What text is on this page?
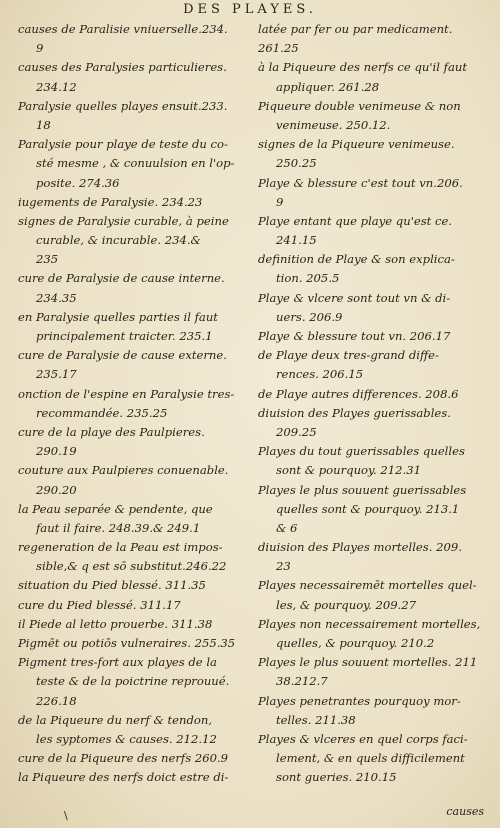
DES PLAYES.
causes de Paralisie vniuerselle.234.
9
causes des Paralysies particulieres.
234.12
Paralysie quelles playes ensuit.233.
18
Paralysie pour playe de teste du co-
sté mesme , & conuulsion en l'op-
posite. 274.36
iugements de Paralysie. 234.23
signes de Paralysie curable, à peine
curable, & incurable. 234.&
235
cure de Paralysie de cause interne.
234.35
en Paralysie quelles parties il faut
principalement traicter. 235.1
cure de Paralysie de cause externe.
235.17
onction de l'espine en Paralysie tres-
recommandée. 235.25
cure de la playe des Paulpieres.
290.19
couture aux Paulpieres conuenable.
290.20
la Peau separée & pendente, que
faut il faire. 248.39.& 249.1
regeneration de la Peau est impos-
sible,& q est sō substitut.246.22
situation du Pied blessé. 311.35
cure du Pied blessé. 311.17
il Piede al letto prouerbe. 311.38
Pigmēt ou potiōs vulneraires. 255.35
Pigment tres-fort aux playes de la
teste & de la poictrine reprouué.
226.18
de la Piqueure du nerf & tendon,
les syptomes & causes. 212.12
cure de la Piqueure des nerfs 260.9
la Piqueure des nerfs doict estre di-
latée par fer ou par medicament.
261.25
à la Piqueure des nerfs ce qu'il faut
appliquer. 261.28
Piqueure double venimeuse & non
venimeuse. 250.12.
signes de la Piqueure venimeuse.
250.25
Playe & blessure c'est tout vn.206.
9
Playe entant que playe qu'est ce.
241.15
definition de Playe & son explica-
tion. 205.5
Playe & vlcere sont tout vn & di-
uers. 206.9
Playe & blessure tout vn. 206.17
de Playe deux tres-grand diffe-
rences. 206.15
de Playe autres differences. 208.6
diuision des Playes guerissables.
209.25
Playes du tout guerissables quelles
sont & pourquoy. 212.31
Playes le plus souuent guerissables
quelles sont & pourquoy. 213.1
& 6
diuision des Playes mortelles. 209.
23
Playes necessairemēt mortelles quel-
les, & pourquoy. 209.27
Playes non necessairement mortelles,
quelles, & pourquoy. 210.2
Playes le plus souuent mortelles. 211
38.212.7
Playes penetrantes pourquoy mor-
telles. 211.38
Playes & vlceres en quel corps faci-
lement, & en quels difficilement
sont gueries. 210.15
\	causes
